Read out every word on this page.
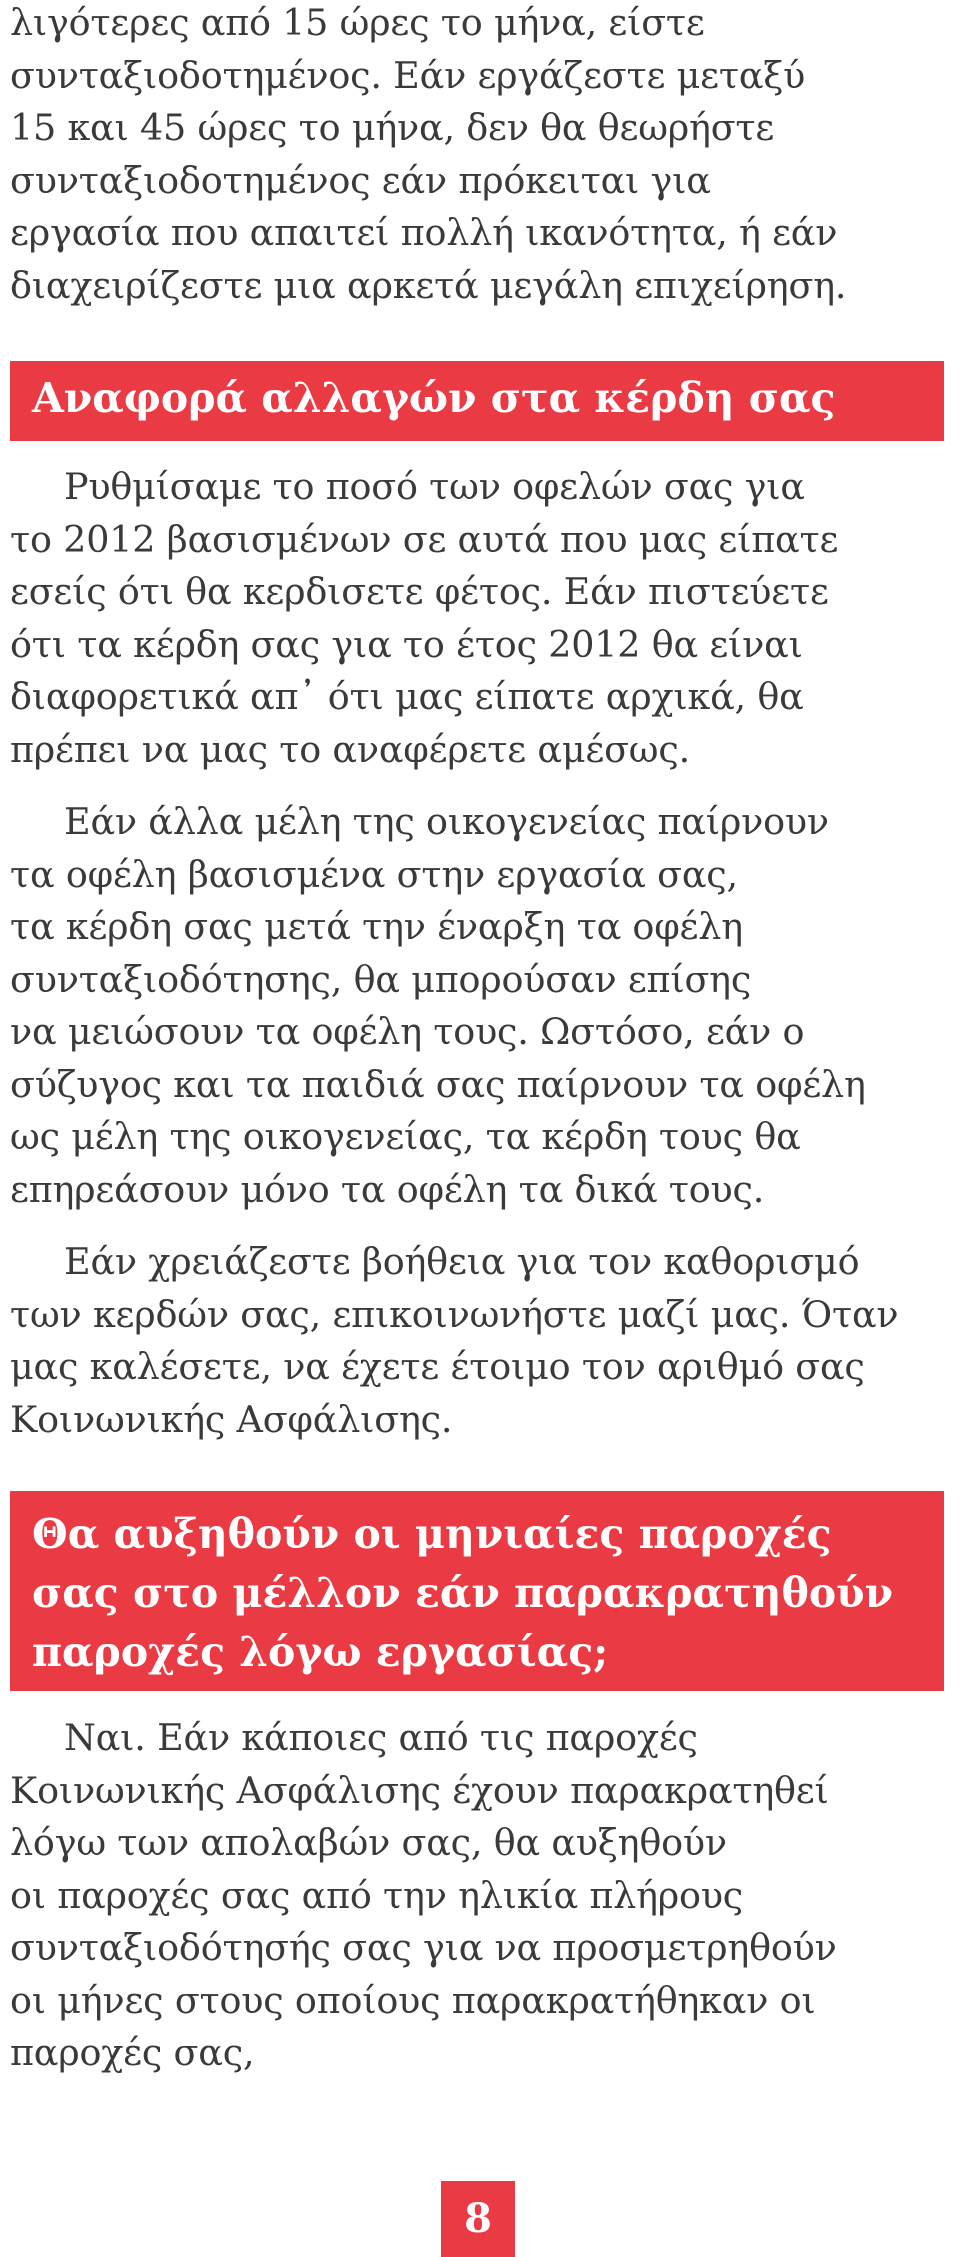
λιγότερες από 15 ώρες το μήνα, είστε
συνταξιοδοτημένος. Εάν εργάζεστε μεταξύ
15 και 45 ώρες το μήνα, δεν θα θεωρήστε
συνταξιοδοτημένος εάν πρόκειται για
εργασία που απαιτεί πολλή ικανότητα, ή εάν
διαχειρίζεστε μια αρκετά μεγάλη επιχείρηση.
Αναφορά αλλαγών στα κέρδη σας
Ρυθμίσαμε το ποσό των οφελών σας για
το 2012 βασισμένων σε αυτά που μας είπατε
εσείς ότι θα κερδισετε φέτος. Εάν πιστεύετε
ότι τα κέρδη σας για το έτος 2012 θα είναι
διαφορετικά απ᾽ ότι μας είπατε αρχικά, θα
πρέπει να μας το αναφέρετε αμέσως.
Εάν άλλα μέλη της οικογενείας παίρνουν
τα οφέλη βασισμένα στην εργασία σας,
τα κέρδη σας μετά την έναρξη τα οφέλη
συνταξιοδότησης, θα μπορούσαν επίσης
να μειώσουν τα οφέλη τους. Ωστόσο, εάν ο
σύζυγος και τα παιδιά σας παίρνουν τα οφέλη
ως μέλη της οικογενείας, τα κέρδη τους θα
επηρεάσουν μόνο τα οφέλη τα δικά τους.
Εάν χρειάζεστε βοήθεια για τον καθορισμό
των κερδών σας, επικοινωνήστε μαζί μας. Όταν
μας καλέσετε, να έχετε έτοιμο τον αριθμό σας
Κοινωνικής Ασφάλισης.
Θα αυξηθούν οι μηνιαίες παροχές
σας στο μέλλον εάν παρακρατηθούν
παροχές λόγω εργασίας;
Ναι. Εάν κάποιες από τις παροχές
Κοινωνικής Ασφάλισης έχουν παρακρατηθεί
λόγω των απολαβών σας, θα αυξηθούν
οι παροχές σας από την ηλικία πλήρους
συνταξιοδότησής σας για να προσμετρηθούν
οι μήνες στους οποίους παρακρατήθηκαν οι
παροχές σας,
8
